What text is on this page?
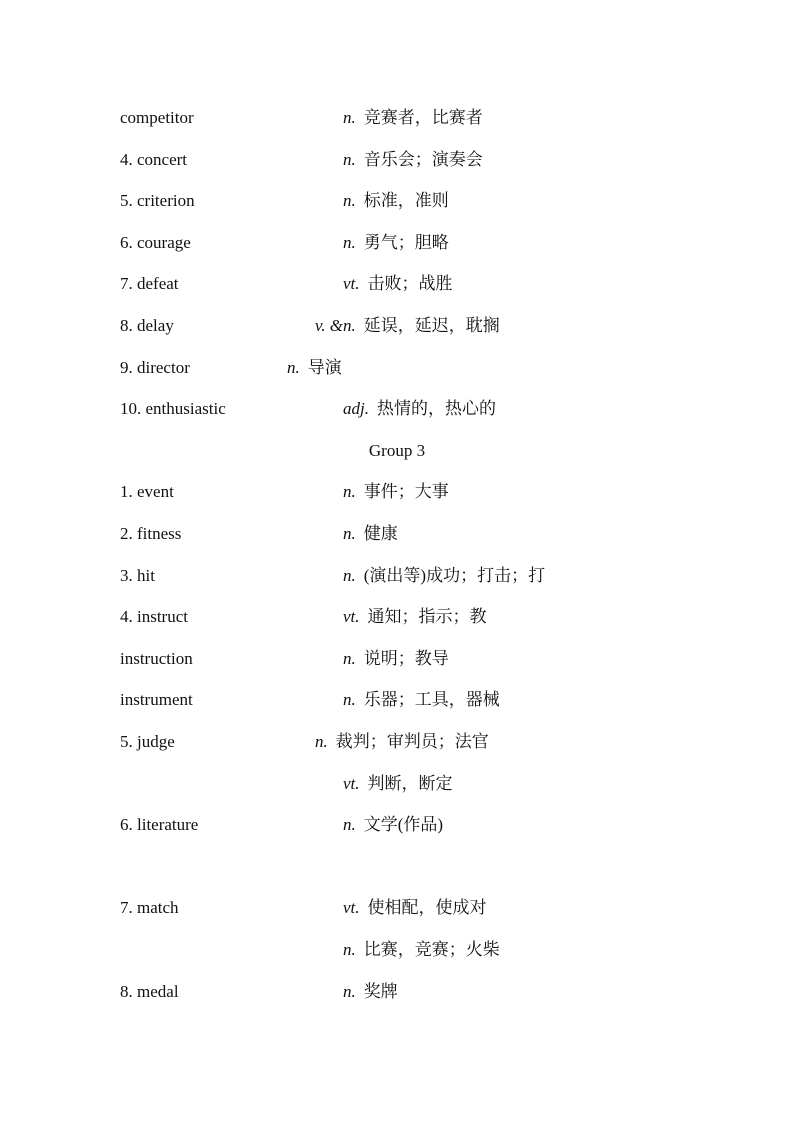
competitor	n. 竞赛者，比赛者
4. concert	n. 音乐会；演奏会
5. criterion	n. 标准，准则
6. courage	n. 勇气；胆略
7. defeat	vt. 击败；战胜
8. delay	v. &n. 延误，延迟，耽搁
9. director	n. 导演
10. enthusiastic	adj. 热情的，热心的
Group 3
1. event	n. 事件；大事
2. fitness	n. 健康
3. hit	n. (演出等)成功；打击；打
4. instruct	vt. 通知；指示；教
instruction	n. 说明；教导
instrument	n. 乐器；工具，器械
5. judge	n. 裁判；审判员；法官
vt. 判断，断定
6. literature	n. 文学(作品)
7. match	vt. 使相配，使成对
n. 比赛，竞赛；火柴
8. medal	n. 奖牌
